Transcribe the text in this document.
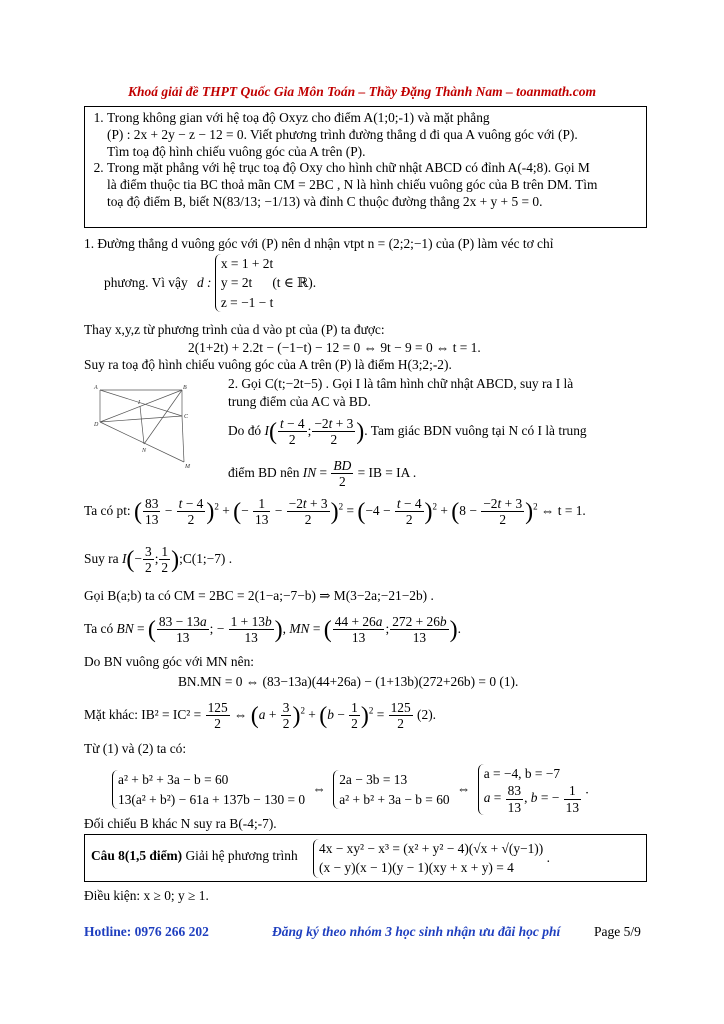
Khoá giải đề THPT Quốc Gia Môn Toán – Thầy Đặng Thành Nam – toanmath.com
1. Trong không gian với hệ toạ độ Oxyz cho điểm A(1;0;-1) và mặt phẳng
(P) : 2x + 2y − z − 12 = 0. Viết phương trình đường thẳng d đi qua A vuông góc với (P).
Tìm toạ độ hình chiếu vuông góc của A trên (P).
2. Trong mặt phẳng với hệ trục toạ độ Oxy cho hình chữ nhật ABCD có đỉnh A(-4;8). Gọi M
là điểm thuộc tia BC thoả mãn CM = 2BC , N là hình chiếu vuông góc của B trên DM. Tìm
toạ độ điểm B, biết N(83/13; −1/13) và đỉnh C thuộc đường thẳng 2x + y + 5 = 0.
1. Đường thẳng d vuông góc với (P) nên d nhận vtpt n = (2;2;−1) của (P) làm véc tơ chỉ
phương. Vì vậy d :
x = 1 + 2t
y = 2t      (t ∈ ℝ).
z = −1 − t
Thay x,y,z từ phương trình của d vào pt của (P) ta được:
2(1+2t) + 2.2t − (−1−t) − 12 = 0 ⇔ 9t − 9 = 0 ⇔ t = 1.
Suy ra toạ độ hình chiếu vuông góc của A trên (P) là điểm H(3;2;-2).
A	B
D
C
I
N
M
2. Gọi C(t;−2t−5) . Gọi I là tâm hình chữ nhật ABCD, suy ra I là
trung điểm của AC và BD.
Do đó $I( \frac{t - 4}{2}$ ; $\frac{-2t + 3}{2}$ ). Tam giác BDN vuông tại N có I là trung
điểm BD nên IN = $\frac{BD}{2}$ = IB = IA .
Ta có pt: ( $\frac{83}{13} - \frac{t - 4}{2} )^2$ + (− $\frac{1}{13} - \frac{-2t + 3}{2} )^2 = (-4 - \frac{t - 4}{2} )^2 + (8 - \frac{-2t + 3}{2} )^2$ ⇔ t = 1.
Suy ra $I(- \frac{3}{2}$ ; $\frac{1}{2}$ );C(1;−7) .
Gọi B(a;b) ta có CM = 2BC = 2(1−a;−7−b) ⇒ M(3−2a;−21−2b) .
Ta có BN = ( $\frac{83 - 13a}{13}$ ; − $\frac{1 + 13b}{13}$ ), MN = ( $\frac{44 + 26a}{13}$ ; $\frac{272 + 26b}{13}$ ).
Do BN vuông góc với MN nên:
BN.MN = 0 ⇔ (83−13a)(44+26a) − (1+13b)(272+26b) = 0 (1).
Mặt khác: $IB^2 = IC^2 = \frac{125}{2}$ ⇔ $(a + \frac{3}{2} )^2 + (b - \frac{1}{2} )^2 = \frac{125}{2} (2)$.
Từ (1) và (2) ta có:
a² + b² + 3a − b = 60
13(a² + b²) − 61a + 137b − 130 = 0
⇔
2a − 3b = 13
a² + b² + 3a − b = 60
⇔
a = −4, b = −7
$a = \frac{83}{13}$ , b = − $\frac{1}{13}$ .
Đối chiếu B khác N suy ra B(-4;-7).
Câu 8(1,5 điểm) Giải hệ phương trình 4x − xy² − x³ = (x² + y² − 4)(√x + √(y−1))
(x − y)(x − 1)(y − 1)(xy + x + y) = 4
.
Điều kiện: x ≥ 0; y ≥ 1.
Hotline: 0976 266 202	Đăng ký theo nhóm 3 học sinh nhận ưu đãi học phí Page 5/9
